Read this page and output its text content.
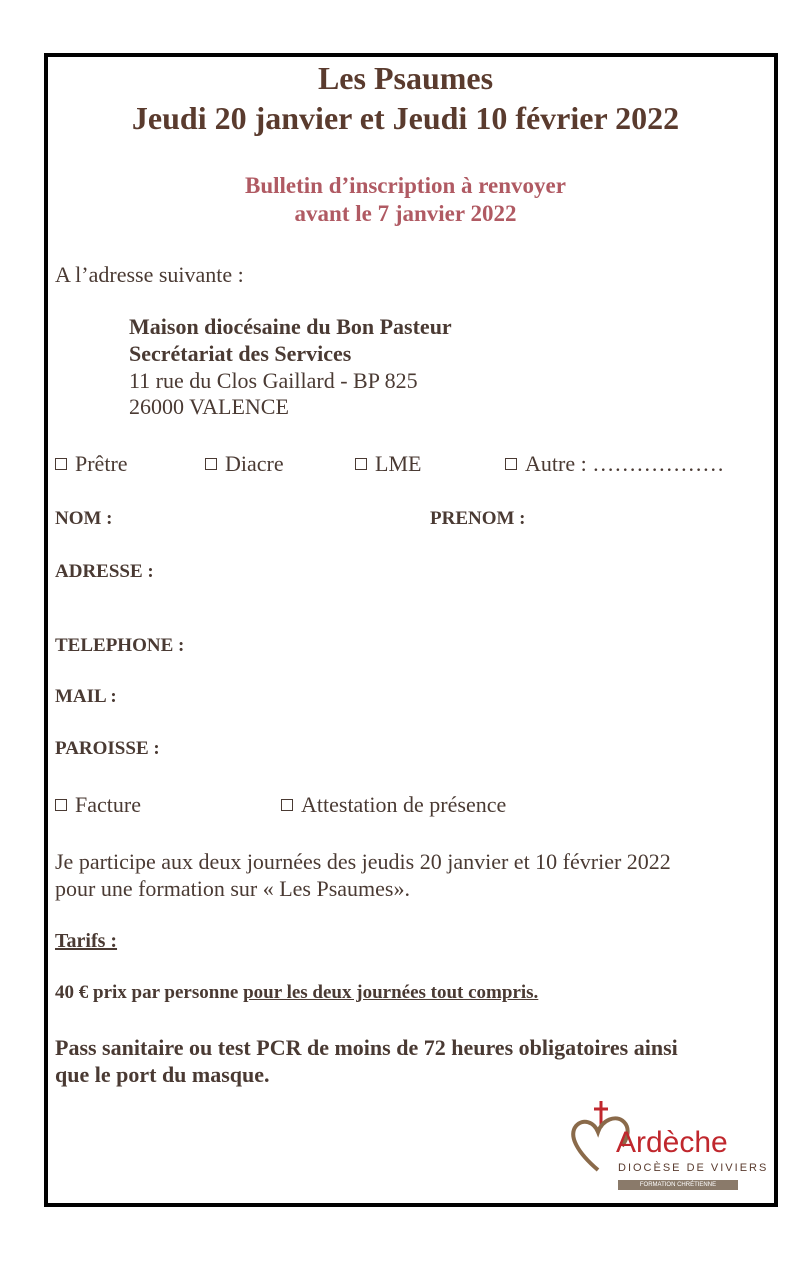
Les Psaumes
Jeudi 20 janvier et Jeudi 10 février 2022
Bulletin d’inscription à renvoyer
avant le 7 janvier 2022
A l’adresse suivante :
Maison diocésaine du Bon Pasteur
Secrétariat des Services
11 rue du Clos Gaillard - BP 825
26000 VALENCE
Prêtre	Diacre	LME	Autre : ………………
NOM :	PRENOM :
ADRESSE :
TELEPHONE :
MAIL :
PAROISSE :
Facture	Attestation de présence
Je participe aux deux journées des jeudis 20 janvier et 10 février 2022
pour une formation sur « Les Psaumes».
Tarifs :
40 € prix par personne pour les deux journées tout compris.
Pass sanitaire ou test PCR de moins de 72 heures obligatoires ainsi
que le port du masque.
Ardèche
DIOCÈSE DE VIVIERS
FORMATION CHRÉTIENNE
